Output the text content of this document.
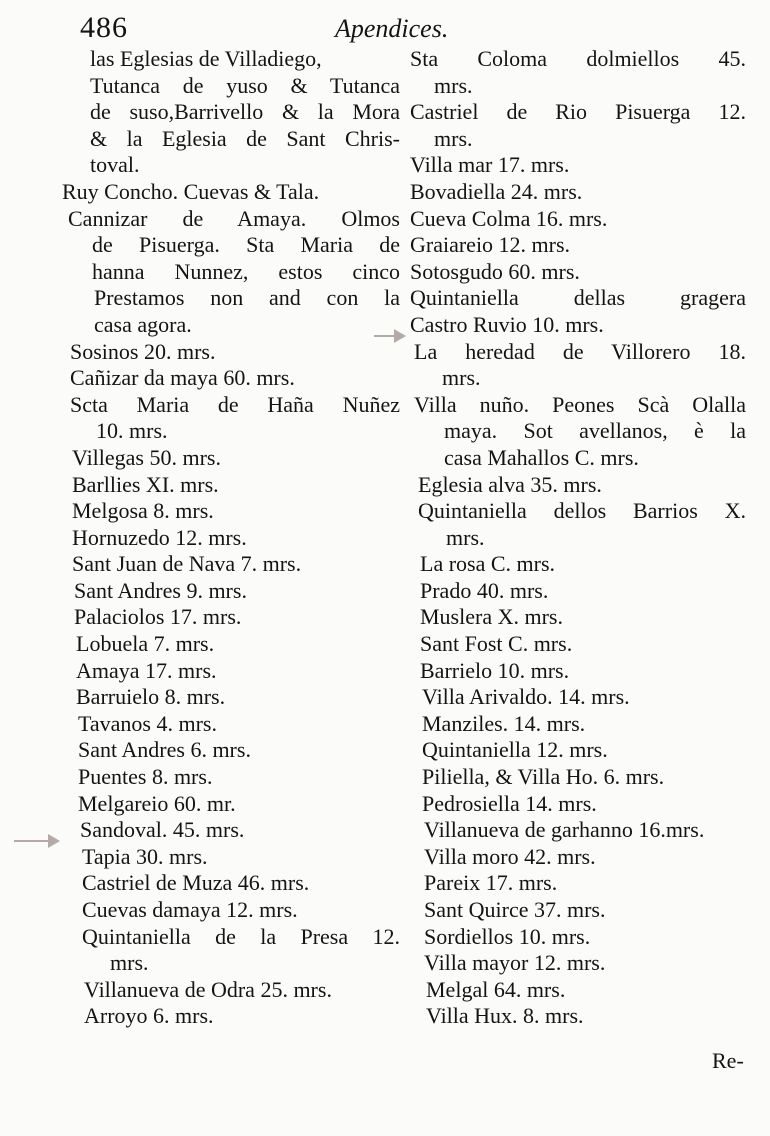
486	Apendices.
las Eglesias de Villadiego,
Tutanca de yuso & Tutanca
de suso,Barrivello & la Mora
& la Eglesia de Sant Chris-
toval.
Ruy Concho. Cuevas & Tala.
Cannizar de Amaya. Olmos
de Pisuerga. Sta Maria de
hanna Nunnez, estos cinco
Prestamos non and con la
casa agora.
Sosinos 20. mrs.
Cañizar da maya 60. mrs.
Scta Maria de Haña Nuñez
10. mrs.
Villegas 50. mrs.
Barllies XI. mrs.
Melgosa 8. mrs.
Hornuzedo 12. mrs.
Sant Juan de Nava 7. mrs.
Sant Andres 9. mrs.
Palaciolos 17. mrs.
Lobuela 7. mrs.
Amaya 17. mrs.
Barruielo 8. mrs.
Tavanos 4. mrs.
Sant Andres 6. mrs.
Puentes 8. mrs.
Melgareio 60. mr.
Sandoval. 45. mrs.
Tapia 30. mrs.
Castriel de Muza 46. mrs.
Cuevas damaya 12. mrs.
Quintaniella de la Presa 12.
mrs.
Villanueva de Odra 25. mrs.
Arroyo 6. mrs.
Sta Coloma dolmiellos 45.
mrs.
Castriel de Rio Pisuerga 12.
mrs.
Villa mar 17. mrs.
Bovadiella 24. mrs.
Cueva Colma 16. mrs.
Graiareio 12. mrs.
Sotosgudo 60. mrs.
Quintaniella dellas gragera
Castro Ruvio 10. mrs.
La heredad de Villorero 18.
mrs.
Villa nuño. Peones Scà Olalla
maya. Sot avellanos, è la
casa Mahallos C. mrs.
Eglesia alva 35. mrs.
Quintaniella dellos Barrios X.
mrs.
La rosa C. mrs.
Prado 40. mrs.
Muslera X. mrs.
Sant Fost C. mrs.
Barrielo 10. mrs.
Villa Arivaldo. 14. mrs.
Manziles. 14. mrs.
Quintaniella 12. mrs.
Piliella, & Villa Ho. 6. mrs.
Pedrosiella 14. mrs.
Villanueva de garhanno 16.mrs.
Villa moro 42. mrs.
Pareix 17. mrs.
Sant Quirce 37. mrs.
Sordiellos 10. mrs.
Villa mayor 12. mrs.
Melgal 64. mrs.
Villa Hux. 8. mrs.
Re-
